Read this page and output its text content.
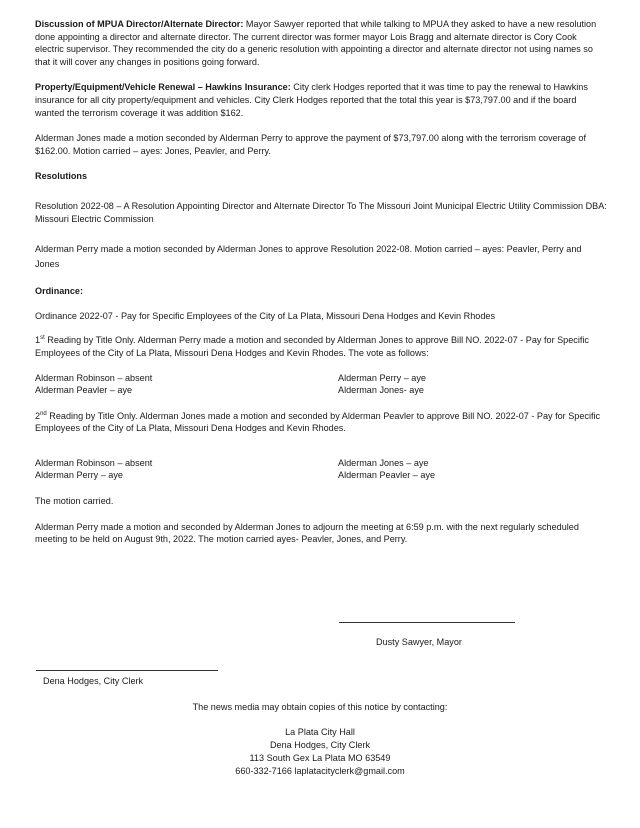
Discussion of MPUA Director/Alternate Director: Mayor Sawyer reported that while talking to MPUA they asked to have a new resolution done appointing a director and alternate director. The current director was former mayor Lois Bragg and alternate director is Cory Cook electric supervisor. They recommended the city do a generic resolution with appointing a director and alternate director not using names so that it will cover any changes in positions going forward.

Property/Equipment/Vehicle Renewal – Hawkins Insurance: City clerk Hodges reported that it was time to pay the renewal to Hawkins insurance for all city property/equipment and vehicles. City Clerk Hodges reported that the total this year is $73,797.00 and if the board wanted the terrorism coverage it was addition $162.

Alderman Jones made a motion seconded by Alderman Perry to approve the payment of $73,797.00 along with the terrorism coverage of $162.00. Motion carried – ayes: Jones, Peavler, and Perry.

Resolutions

Resolution 2022-08 – A Resolution Appointing Director and Alternate Director To The Missouri Joint Municipal Electric Utility Commission DBA: Missouri Electric Commission

Alderman Perry made a motion seconded by Alderman Jones to approve Resolution 2022-08. Motion carried – ayes: Peavler, Perry and Jones

Ordinance:

Ordinance 2022-07 - Pay for Specific Employees of the City of La Plata, Missouri Dena Hodges and Kevin Rhodes

1st Reading by Title Only. Alderman Perry made a motion and seconded by Alderman Jones to approve Bill NO. 2022-07 - Pay for Specific Employees of the City of La Plata, Missouri Dena Hodges and Kevin Rhodes. The vote as follows:

Alderman Robinson – absent

Alderman Peavler – aye

Alderman Perry – aye

Alderman Jones- aye

2nd Reading by Title Only. Alderman Jones made a motion and seconded by Alderman Peavler to approve Bill NO. 2022-07 - Pay for Specific Employees of the City of La Plata, Missouri Dena Hodges and Kevin Rhodes.

Alderman Robinson – absent

Alderman Perry – aye

Alderman Jones – aye

Alderman Peavler – aye

The motion carried.

Alderman Perry made a motion and seconded by Alderman Jones to adjourn the meeting at 6:59 p.m. with the next regularly scheduled meeting to be held on August 9th, 2022. The motion carried ayes- Peavler, Jones, and Perry.

Dusty Sawyer, Mayor
Dena Hodges, City Clerk
The news media may obtain copies of this notice by contacting:
La Plata City Hall
Dena Hodges, City Clerk
113 South Gex La Plata MO 63549
660-332-7166 laplatacityclerk@gmail.com
